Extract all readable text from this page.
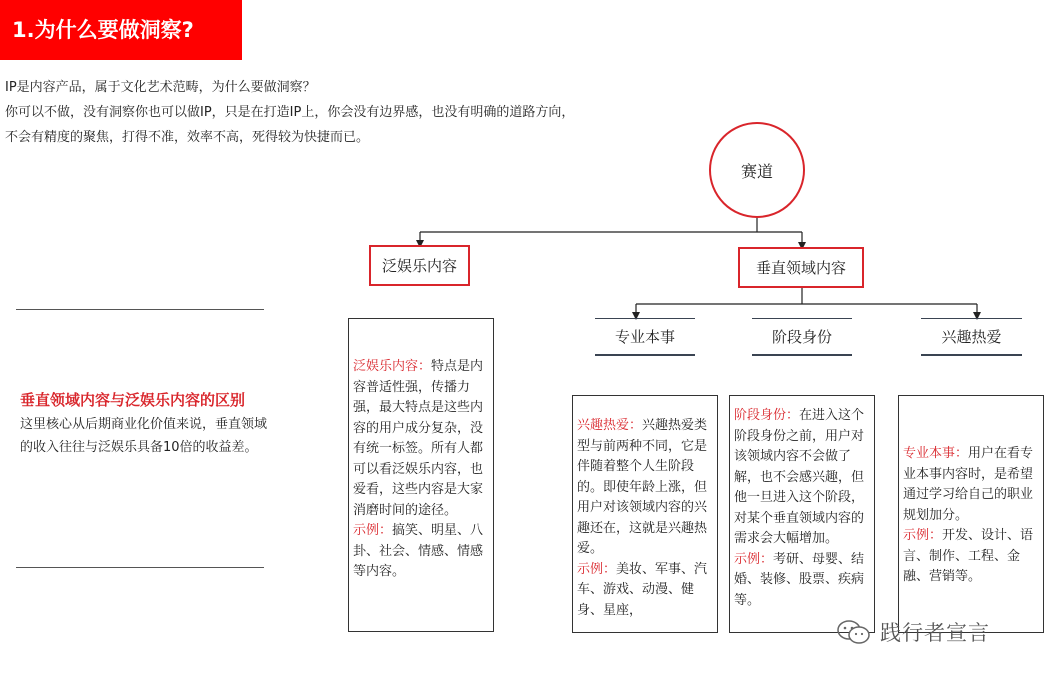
1.为什么要做洞察?
IP是内容产品，属于文化艺术范畴，为什么要做洞察？
你可以不做，没有洞察你也可以做IP，只是在打造IP上，你会没有边界感，也没有明确的道路方向，
不会有精度的聚焦，打得不准，效率不高，死得较为快捷而已。
赛道
泛娱乐内容	垂直领域内容
专业本事	阶段身份	兴趣热爱
垂直领域内容与泛娱乐内容的区别
这里核心从后期商业化价值来说，垂直领域的收入往往与泛娱乐具备10倍的收益差。
泛娱乐内容：特点是内容普适性强，传播力强，最大特点是这些内容的用户成分复杂，没有统一标签。所有人都可以看泛娱乐内容，也爱看，这些内容是大家消磨时间的途径。
示例：搞笑、明星、八卦、社会、情感、情感等内容。
兴趣热爱：兴趣热爱类型与前两种不同，它是伴随着整个人生阶段的。即使年龄上涨，但用户对该领域内容的兴趣还在，这就是兴趣热爱。
示例：美妆、军事、汽车、游戏、动漫、健身、星座，
阶段身份：在进入这个阶段身份之前，用户对该领域内容不会做了解，也不会感兴趣，但他一旦进入这个阶段，对某个垂直领域内容的需求会大幅增加。
示例：考研、母婴、结婚、装修、股票、疾病等。
专业本事：用户在看专业本事内容时，是希望通过学习给自己的职业规划加分。
示例：开发、设计、语言、制作、工程、金融、营销等。
践行者宣言
